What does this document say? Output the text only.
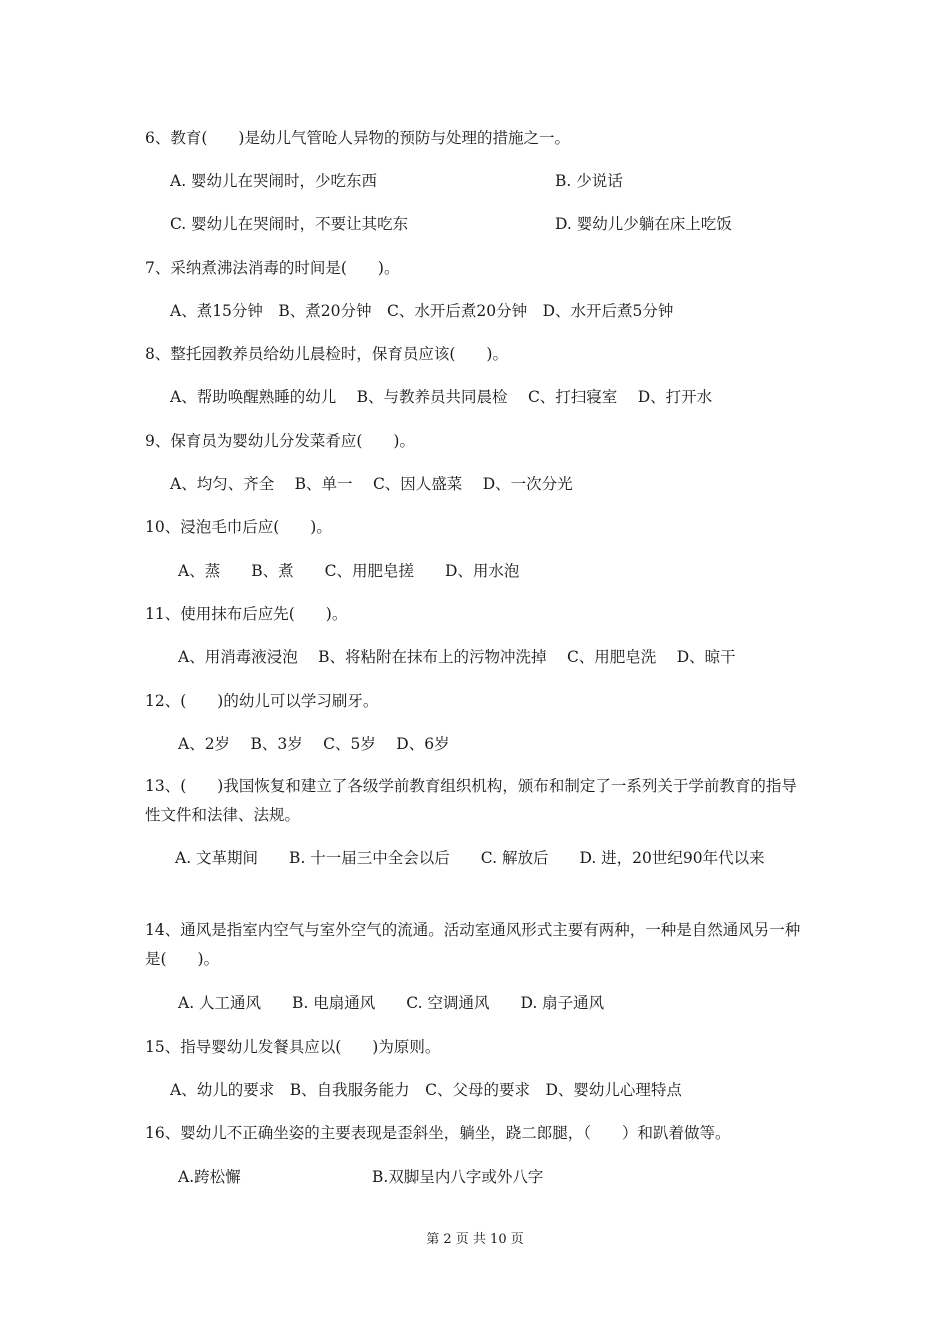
6、教育(　　)是幼儿气管呛人异物的预防与处理的措施之一。
A. 婴幼儿在哭闹时，少吃东西	B. 少说话
C. 婴幼儿在哭闹时，不要让其吃东	D. 婴幼儿少躺在床上吃饭
7、采纳煮沸法消毒的时间是(　　)。
A、煮15分钟　B、煮20分钟　C、水开后煮20分钟　D、水开后煮5分钟
8、整托园教养员给幼儿晨检时，保育员应该(　　)。
A、帮助唤醒熟睡的幼儿　 B、与教养员共同晨检　 C、打扫寝室　 D、打开水
9、保育员为婴幼儿分发菜肴应(　　)。
A、均匀、齐全　 B、单一　 C、因人盛菜　 D、一次分光
10、浸泡毛巾后应(　　)。
A、蒸　　B、煮　　C、用肥皂搓　　D、用水泡
11、使用抹布后应先(　　)。
A、用消毒液浸泡　 B、将粘附在抹布上的污物冲洗掉　 C、用肥皂洗　 D、晾干
12、(　　)的幼儿可以学习刷牙。
A、2岁　 B、3岁　 C、5岁　 D、6岁
13、(　　)我国恢复和建立了各级学前教育组织机构，颁布和制定了一系列关于学前教育的指导性文件和法律、法规。
A. 文革期间　　B. 十一届三中全会以后　　C. 解放后　　D. 进，20世纪90年代以来
14、通风是指室内空气与室外空气的流通。活动室通风形式主要有两种，一种是自然通风另一种是(　　)。
A. 人工通风　　B. 电扇通风　　C. 空调通风　　D. 扇子通风
15、指导婴幼儿发餐具应以(　　)为原则。
A、幼儿的要求　B、自我服务能力　C、父母的要求　D、婴幼儿心理特点
16、婴幼儿不正确坐姿的主要表现是歪斜坐，躺坐，跷二郎腿，（　　）和趴着做等。
A.跨松懈	B.双脚呈内八字或外八字
第 2 页 共 10 页
